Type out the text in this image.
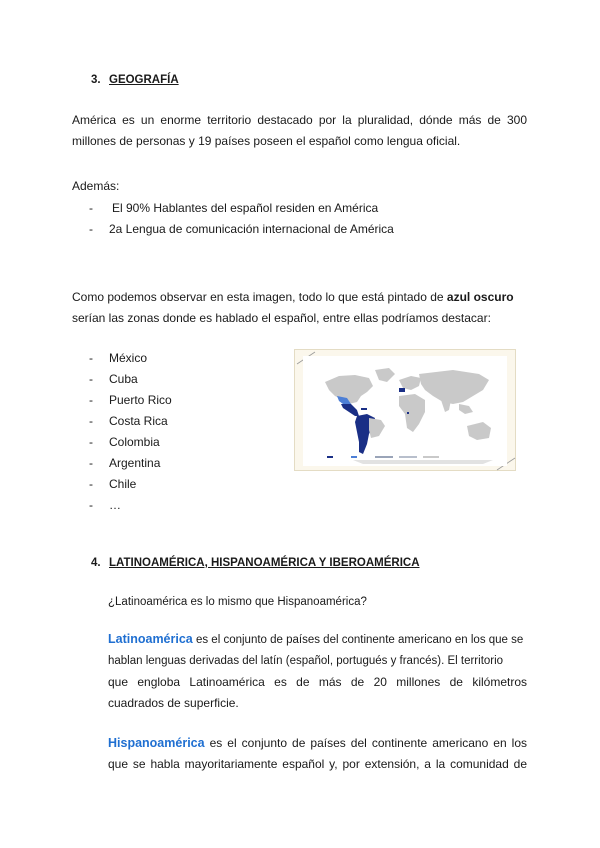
3. GEOGRAFÍA
América es un enorme territorio destacado por la pluralidad, dónde más de 300
millones de personas y 19 países poseen el español como lengua oficial.
Además:
- El 90% Hablantes del español residen en América
- 2a Lengua de comunicación internacional de América
Como podemos observar en esta imagen, todo lo que está pintado de azul oscuro
serían las zonas donde es hablado el español, entre ellas podríamos destacar:
- México
- Cuba
- Puerto Rico
- Costa Rica
- Colombia
- Argentina
- Chile
- …
4. LATINOAMÉRICA, HISPANOAMÉRICA Y IBEROAMÉRICA
¿Latinoamérica es lo mismo que Hispanoamérica?
Latinoamérica es el conjunto de países del continente americano en los que se
hablan lenguas derivadas del latín (español, portugués y francés). El territorio
que engloba Latinoamérica es de más de 20 millones de kilómetros
cuadrados de superficie.
Hispanoamérica es el conjunto de países del continente americano en los
que se habla mayoritariamente español y, por extensión, a la comunidad de
